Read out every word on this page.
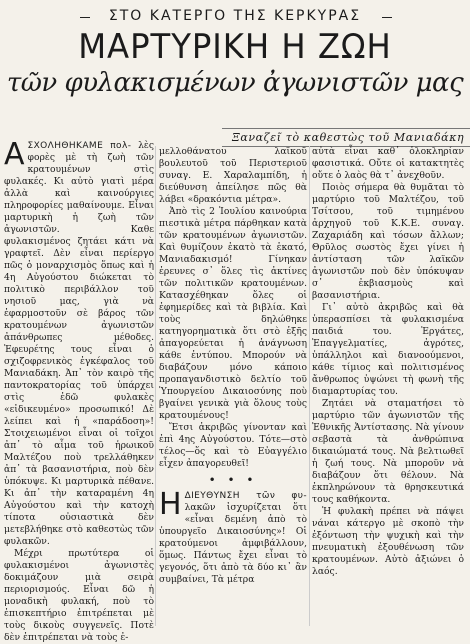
ΣΤΟ ΚΑΤΕΡΓΟ ΤΗΣ ΚΕΡΚΥΡΑΣ
ΜΑΡΤΥΡΙΚΗ Η ΖΩΗ
τῶν φυλακισμένων ἀγωνιστῶν μας
Ξαναζεῖ τὸ καθεστὼς τοῦ Μανιαδάκη

Α ΣΧΟΛΗΘΗΚΑΜΕ πολ- λὲς φορὲς μὲ τὴ ζωὴ τῶν κρατουμένων στὶς φυλακές. Κι αὐτὸ γιατὶ μέρα ἀλλὰ καὶ καινούργιες πληροφορίες μαθαίνουμε. Εἶναι μαρτυρικὴ ἡ ζωὴ τῶν ἀγωνιστῶν. Καθε φυλακισμένος ζητάει κάτι νὰ γραφτεῖ. Δὲν εἶναι περίεργο πῶς ὁ μοναρχισμὸς ὅπως καὶ ἡ 4η Αὐγούστου διώκεται τὸ πολιτικὸ περιβάλλον τοῦ νησιοῦ μας, γιὰ νὰ ἐφαρμοστοῦν σὲ βάρος τῶν κρατουμένων ἀγωνιστῶν ἀπάνθρωπες μέθοδες. Ἐφευρέτης τους εἶναι ὁ σχιζοφρενικὸς ἐγκέφαλος τοῦ Μανιαδάκη. Ἀπ᾽ τὸν καιρὸ τῆς παντοκρατορίας τοῦ ὑπάρχει στὶς ἐδῶ φυλακὲς «εἰδικευμένο» προσωπικό! Δὲ λείπει καὶ ἡ «παράδοση»! Στοιχειωμένοι εἶναι οἱ τοῖχοι ἀπ᾽ τὸ αἷμα τοῦ ἡρωικοῦ Μαλτέζου ποὺ τρελλάθηκεν ἀπ᾽ τὰ βασανιστήρια, ποὺ δὲν ὑπόκυψε. Κι μαρτυρικὰ πέθανε. Κι ἀπ᾽ τὴν καταραμένη 4η Αὐγούστου καὶ τὴν κατοχὴ τίποτα οὐσιαστικὰ δὲν μετεβλήθηκε στὸ καθεστὼς τῶν φυλακῶν.

Μέχρι πρωτύτερα οἱ φυλακισμένοι ἀγωνιστὲς δοκιμάζουν μιὰ σειρὰ περιορισμούς. Εἶναι δῶ ἡ μοναδικὴ φυλακή, ποὺ τὸ ἐπισκεπτήριο ἐπιτρέπεται μὲ τοὺς δικοὺς συγγενεῖς. Ποτὲ δὲν ἐπιτρέπεται νὰ τοὺς ἐ-

μελλοθάνατου λαϊκοῦ βουλευτοῦ τοῦ Περιστεριοῦ συναγ. Ε. Χαραλαμπίδη, ἡ διεύθυνση ἀπείλησε πῶς θὰ λάβει «δρακόντια μέτρα».

Ἀπὸ τὶς 2 Ἰουλίου καινούρια πιεστικὰ μέτρα πάρθηκαν κατὰ τῶν κρατουμένων ἀγωνιστῶν. Καὶ θυμίζουν ἑκατὸ τὰ ἑκατό, Μανιαδακισμό! Γίνηκαν ἐρευνες σ᾽ ὅλες τὶς ἀκτίνες τῶν πολιτικῶν κρατουμένων. Κατασχέθηκαν ὅλες οἱ ἐφημερίδες καὶ τὰ βιβλία. Καὶ τοὺς δηλώθηκε κατηγορηματικὰ ὅτι στὸ ἑξῆς ἀπαγορεύεται ἡ ἀνάγνωση κάθε ἐντύπου. Μπορούν νὰ διαβάζουν μόνο κάποιο προπαγανδιστικὸ δελτίο τοῦ Ὑπουργείου Δικαιοσύνης ποὺ βγαίνει γενικὰ γιὰ ὅλους τοὺς κρατουμένους!

Ἔτσι ἀκριβῶς γίνονταν καὶ ἐπὶ 4ης Αὐγούστου. Τότε—στὸ τέλος—ὅς καὶ τὸ Εὐαγγέλιο εἶχεν ἀπαγορευθεῖ!

• • •

Η ΔΙΕΥΘΥΝΣΗ τῶν φυ- λακῶν ἰσχυρίζεται ὅτι «εἶναι δεμένη ἀπὸ τὸ ὑπουργεῖο Δικαιοσύνης»! Οἱ κρατούμενοι ἀμφιβάλλουν, ὅμως. Πάντως ἔχει εἶναι τὸ γεγονός, ὅτι ἀπὸ τὰ δύο κι᾽ ἂν συμβαίνει, Τὰ μέτρα

αὐτὰ εἶναι καθ᾽ ὁλοκληρίαν φασιστικά. Οὔτε οἱ κατακτητὲς οὔτε ὁ λαὸς θὰ τ᾽ ἀνεχθοῦν.

Ποιὸς σήμερα θὰ θυμᾶται τὸ μαρτύριο τοῦ Μαλτέζου, τοῦ Τσίτσου, τοῦ τιμημένου ἀρχηγοῦ τοῦ Κ.Κ.Ε. συναγ. Ζαχαριάδη καὶ τόσων ἄλλων; Θρῦλος σωστὸς ἔχει γίνει ἡ ἀντίσταση τῶν λαϊκῶν ἀγωνιστῶν ποὺ δὲν ὑπόκυψαν σ᾽ ἐκβιασμοὺς καὶ βασανιστήρια.

Γι᾽ αὐτὸ ἀκριβῶς καὶ θὰ ὑπερασπίσει τὰ φυλακισμένα παιδιά του. Ἐργάτες, Ἐπαγγελματίες, ἀγρότες, ὑπάλληλοι καὶ διανοούμενοι, κάθε τίμιος καὶ πολιτισμένος ἄνθρωπος ὑψώνει τὴ φωνὴ τῆς διαμαρτυρίας του.

Ζητάει νὰ σταματήσει τὸ μαρτύριο τῶν ἀγωνιστῶν τῆς Ἐθνικῆς Ἀντίστασης. Νὰ γίνουν σεβαστὰ τὰ ἀνθρώπινα δικαιώματά τους. Νὰ βελτιωθεῖ ἡ ζωή τους. Νὰ μποροῦν νὰ διαβάζουν ὅτι θέλουν. Νὰ ἐκπληρώνουν τὰ θρησκευτικά τους καθήκοντα.

Ἡ φυλακὴ πρέπει νὰ πάψει νάναι κάτεργο μὲ σκοπὸ τὴν ἐξόντωση τὴν ψυχικὴ καὶ τὴν πνευματικὴ ἐξουθένωση τῶν κρατουμένων. Αὐτὸ ἀξιώνει ὁ λαός.
